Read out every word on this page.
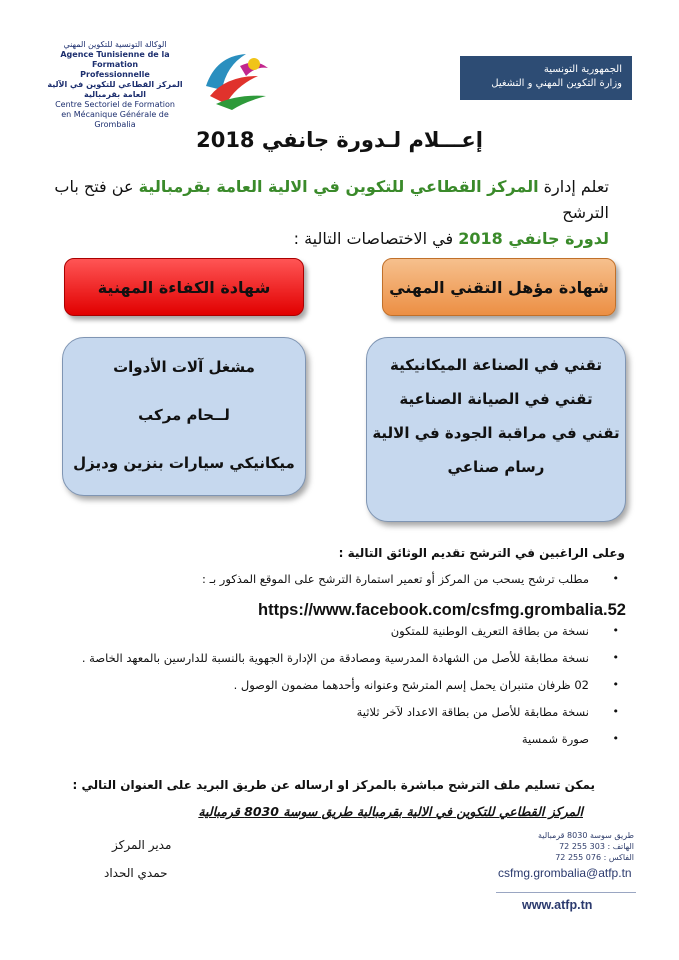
الوكالة التونسية للتكوين المهني
Agence Tunisienne de la Formation
Professionnelle
المركز القطاعي للتكوين في الآلية العامة بقرمبالية
Centre Sectoriel de Formation
en Mécanique Générale de Grombalia
الجمهورية التونسية
وزارة التكوين المهني و التشغيل
إعـــلام لـدورة جانفي 2018
تعلم إدارة المركز القطاعي للتكوين في الالية العامة بقرمبالية عن فتح باب الترشح
لدورة جانفي 2018 في الاختصاصات التالية :
شهادة مؤهل التقني المهني
شهادة الكفاءة المهنية
تقني في الصناعة الميكانيكية
تقني في الصيانة الصناعية
تقني في مراقبة الجودة في الالية
رسام صناعي
مشغل آلات الأدوات
لــحام مركب
ميكانيكي سيارات بنزين وديزل
وعلى الراغبين في الترشح تقديم الوثائق التالية :
•
مطلب ترشح يسحب من المركز أو تعمير استمارة الترشح على الموقع المذكور بـ :
•
نسخة من بطاقة التعريف الوطنية للمتكون
•
نسخة مطابقة للأصل من الشهادة المدرسية ومصادقة من الإدارة الجهوية بالنسبة للدارسين بالمعهد الخاصة .
•
02 ظرفان متنبران يحمل إسم المترشح وعنوانه وأحدهما مضمون الوصول .
•
نسخة مطابقة للأصل من بطاقة الاعداد لآخر ثلاثية
•
صورة شمسية
https://www.facebook.com/csfmg.grombalia.52
يمكن تسليم ملف الترشح مباشرة بالمركز او ارساله عن طريق البريد على العنوان التالي :
المركز القطاعي للتكوين في الالية بقرمبالية طريق سوسة 8030 قرمبالية
مدير المركز
حمدي الحداد
طريق سوسة 8030 قرمبالية
الهاتف : 303 255 72
الفاكس : 076 255 72
csfmg.grombalia@atfp.tn
www.atfp.tn
